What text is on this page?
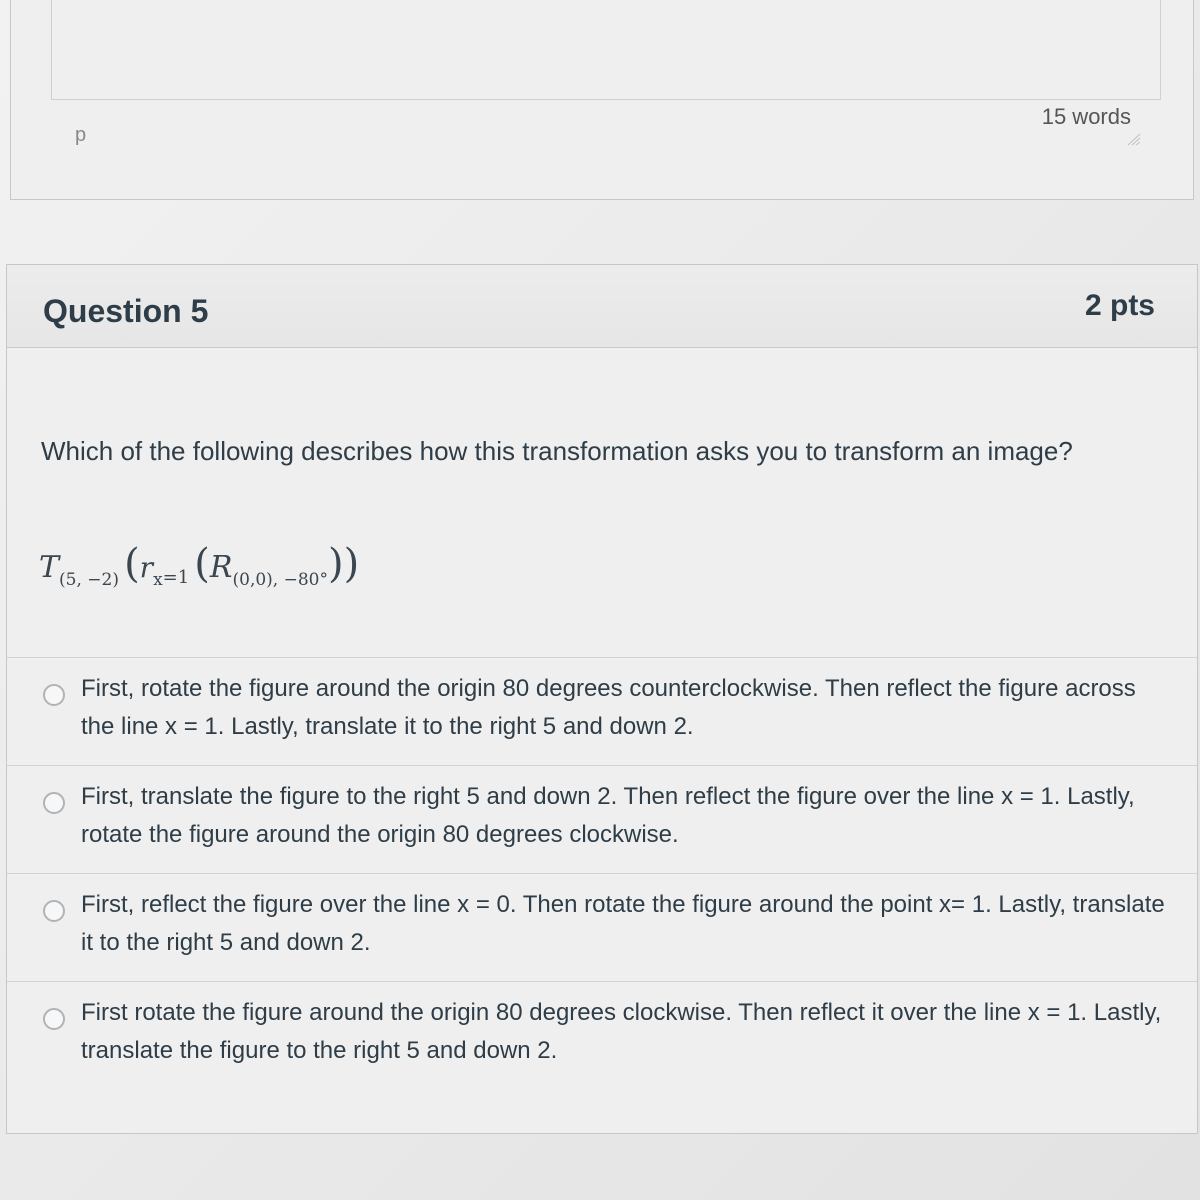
p
15 words
Question 5	2 pts
Which of the following describes how this transformation asks you to transform an image?
T(5, −2) (rx=1 (R(0,0), −80°))
First, rotate the figure around the origin 80 degrees counterclockwise. Then reflect the figure across the line x = 1. Lastly, translate it to the right 5 and down 2.
First, translate the figure to the right 5 and down 2. Then reflect the figure over the line x = 1. Lastly, rotate the figure around the origin 80 degrees clockwise.
First, reflect the figure over the line x = 0. Then rotate the figure around the point x= 1. Lastly, translate it to the right 5 and down 2.
First rotate the figure around the origin 80 degrees clockwise. Then reflect it over the line x = 1. Lastly, translate the figure to the right 5 and down 2.
